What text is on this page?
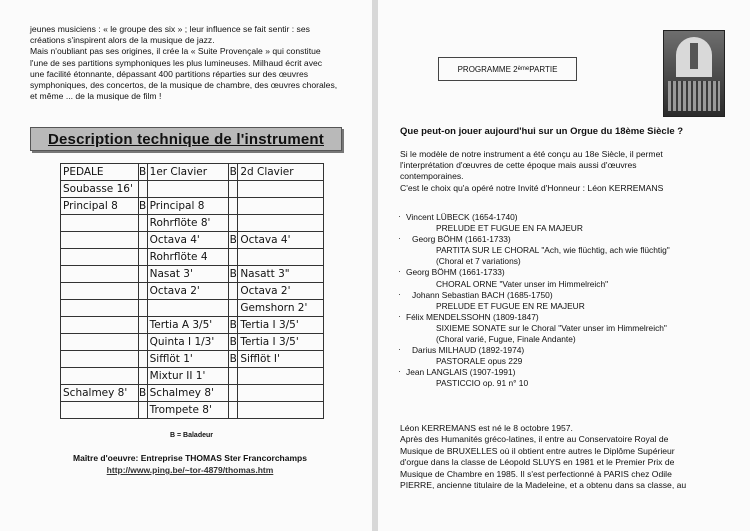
jeunes musiciens : « le groupe des six » ; leur influence se fait sentir : ses

créations s'inspirent alors de la musique de jazz.

Mais n'oubliant pas ses origines, il crée la « Suite Provençale » qui constitue

l'une de ses partitions symphoniques les plus lumineuses. Milhaud écrit avec

une facilité étonnante, dépassant 400 partitions réparties sur des œuvres

symphoniques, des concertos, de la musique de chambre, des œuvres chorales,

et même ... de la musique de film !

Description technique de l'instrument
PEDALE	B	1er Clavier	B	2d Clavier
Soubasse 16'				
Principal 8	B	Principal 8		
		Rohrflöte 8'		
		Octava 4'	B	Octava 4'
		Rohrflöte 4		
		Nasat 3'	B	Nasatt 3"
		Octava 2'		Octava 2'
				Gemshorn 2'
		Tertia A 3/5'	B	Tertia I 3/5'
		Quinta I 1/3'	B	Tertia I 3/5'
		Sifflöt 1'	B	Sifflöt I'
		Mixtur II 1'		
Schalmey 8'	B	Schalmey 8'		
		Trompete 8'		
B = Baladeur
Maître d'oeuvre: Entreprise THOMAS Ster Francorchamps
http://www.ping.be/~tor-4879/thomas.htm
PROGRAMME 2 ème PARTIE
Que peut-on jouer aujourd'hui sur un Orgue du 18ème Siècle ?

Si le modèle de notre instrument a été conçu au 18e Siècle, il permet

l'interprétation d'œuvres de cette époque mais aussi d'œuvres

contemporaines.

C'est le choix qu'a opéré notre Invité d'Honneur : Léon KERREMANS

· Vincent LÜBECK (1654-1740)
PRELUDE ET FUGUE EN FA MAJEUR
· Georg BÖHM (1661-1733)
PARTITA SUR LE CHORAL "Ach, wie flüchtig, ach wie flüchtig"
(Choral et 7 variations)
· Georg BÖHM (1661-1733)
CHORAL ORNE "Vater unser im Himmelreich"
· Johann Sebastian BACH (1685-1750)
PRELUDE ET FUGUE EN RE MAJEUR
· Félix MENDELSSOHN (1809-1847)
SIXIEME SONATE sur le Choral "Vater unser im Himmelreich"
(Choral varié, Fugue, Finale Andante)
· Darius MILHAUD (1892-1974)
PASTORALE opus 229
· Jean LANGLAIS (1907-1991)
PASTICCIO op. 91 n° 10

Léon KERREMANS est né le 8 octobre 1957.

Après des Humanités gréco-latines, il entre au Conservatoire Royal de

Musique de BRUXELLES où il obtient entre autres le Diplôme Supérieur

d'orgue dans la classe de Léopold SLUYS en 1981 et le Premier Prix de

Musique de Chambre en 1985. Il s'est perfectionné à PARIS chez Odile

PIERRE, ancienne titulaire de la Madeleine, et a obtenu dans sa classe, au
